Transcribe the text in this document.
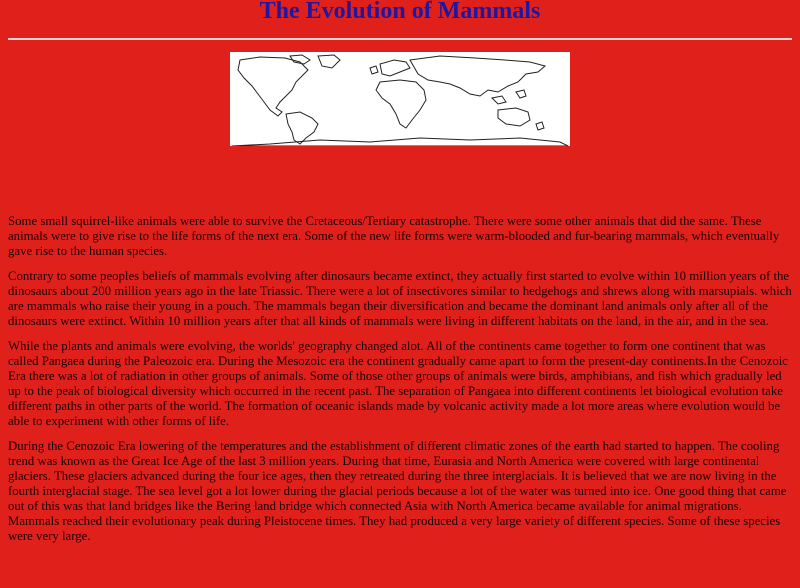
The Evolution of Mammals

Some small squirrel-like animals were able to survive the Cretaceous/Tertiary catastrophe. There were some other animals that did the same. These animals were to give rise to the life forms of the next era. Some of the new life forms were warm-blooded and fur-bearing mammals, which eventually gave rise to the human species.

Contrary to some peoples beliefs of mammals evolving after dinosaurs became extinct, they actually first started to evolve within 10 million years of the dinosaurs about 200 million years ago in the late Triassic. There were a lot of insectivores similar to hedgehogs and shrews along with marsupials. which are mammals who raise their young in a pouch. The mammals began their diversification and became the dominant land animals only after all of the dinosaurs were extinct. Within 10 million years after that all kinds of mammals were living in different habitats on the land, in the air, and in the sea.

While the plants and animals were evolving, the worlds' geography changed alot. All of the continents came together to form one continent that was called Pangaea during the Paleozoic era. During the Mesozoic era the continent gradually came apart to form the present-day continents.In the Cenozoic Era there was a lot of radiation in other groups of animals. Some of those other groups of animals were birds, amphibians, and fish which gradually led up to the peak of biological diversity which occurred in the recent past. The separation of Pangaea into different continents let biological evolution take different paths in other parts of the world. The formation of oceanic islands made by volcanic activity made a lot more areas where evolution would be able to experiment with other forms of life.

During the Cenozoic Era lowering of the temperatures and the establishment of different climatic zones of the earth had started to happen. The cooling trend was known as the Great Ice Age of the last 3 million years. During that time, Eurasia and North America were covered with large continental glaciers. These glaciers advanced during the four ice ages, then they retreated during the three interglacials. It is believed that we are now living in the fourth interglacial stage. The sea level got a lot lower during the glacial periods because a lot of the water was turned into ice. One good thing that came out of this was that land bridges like the Bering land bridge which connected Asia with North America became available for animal migrations. Mammals reached their evolutionary peak during Pleistocene times. They had produced a very large variety of different species. Some of these species were very large.
